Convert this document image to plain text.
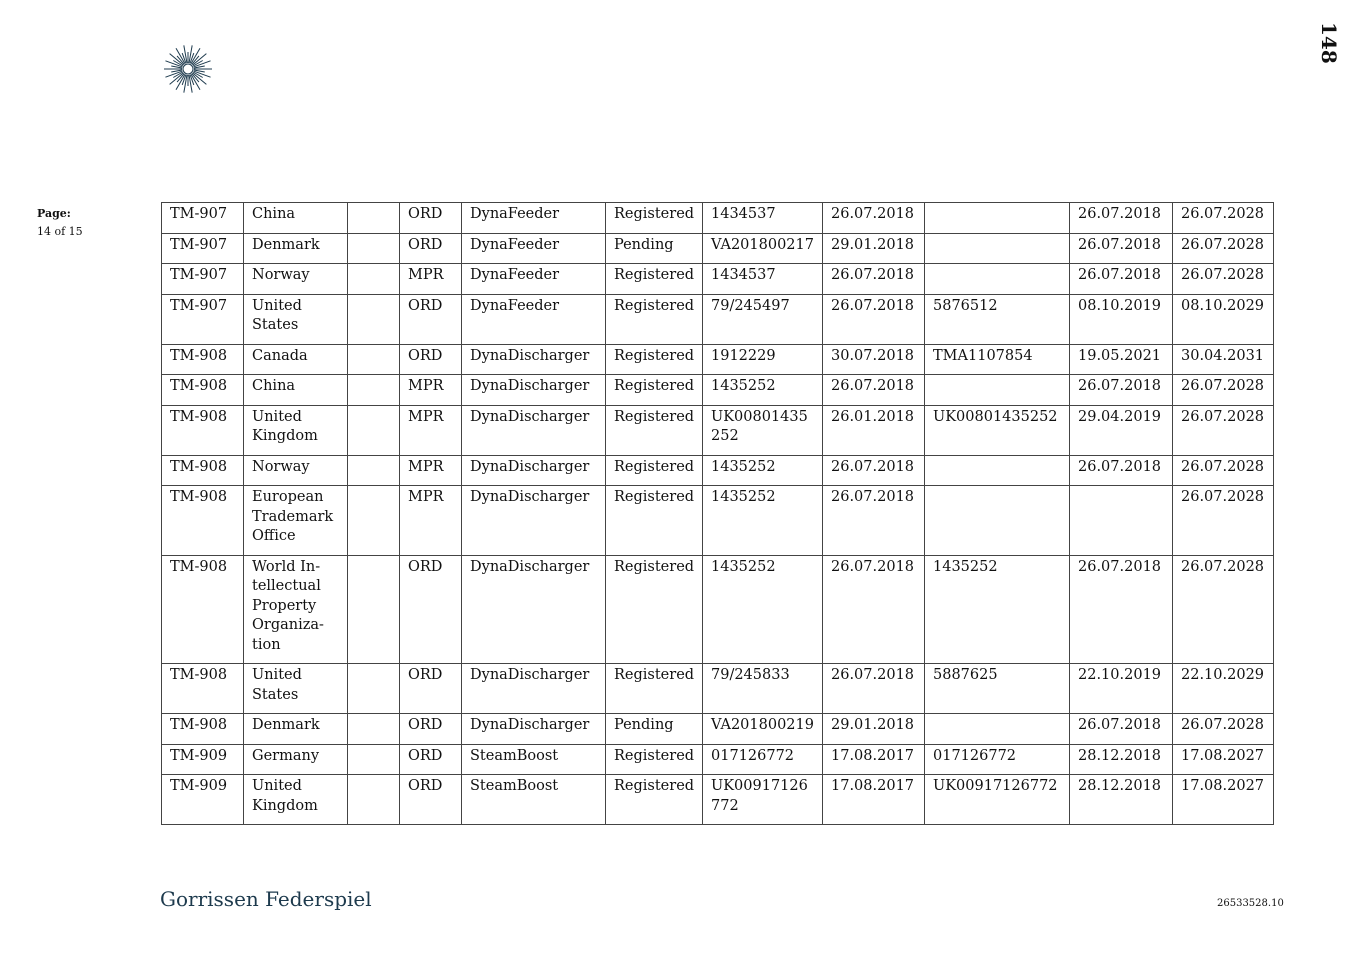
148
Page:
14 of 15
TM-907	China		ORD	DynaFeeder	Registered	1434537	26.07.2018		26.07.2018	26.07.2028
TM-907	Denmark		ORD	DynaFeeder	Pending	VA201800217	29.01.2018		26.07.2018	26.07.2028
TM-907	Norway		MPR	DynaFeeder	Registered	1434537	26.07.2018		26.07.2018	26.07.2028
TM-907	United States		ORD	DynaFeeder	Registered	79/245497	26.07.2018	5876512	08.10.2019	08.10.2029
TM-908	Canada		ORD	DynaDischarger	Registered	1912229	30.07.2018	TMA1107854	19.05.2021	30.04.2031
TM-908	China		MPR	DynaDischarger	Registered	1435252	26.07.2018		26.07.2018	26.07.2028
TM-908	United Kingdom		MPR	DynaDischarger	Registered	UK00801435252	26.01.2018	UK00801435252	29.04.2019	26.07.2028
TM-908	Norway		MPR	DynaDischarger	Registered	1435252	26.07.2018		26.07.2018	26.07.2028
TM-908	European Trademark Office		MPR	DynaDischarger	Registered	1435252	26.07.2018			26.07.2028
TM-908	World Intellectual Property Organization		ORD	DynaDischarger	Registered	1435252	26.07.2018	1435252	26.07.2018	26.07.2028
TM-908	United States		ORD	DynaDischarger	Registered	79/245833	26.07.2018	5887625	22.10.2019	22.10.2029
TM-908	Denmark		ORD	DynaDischarger	Pending	VA201800219	29.01.2018		26.07.2018	26.07.2028
TM-909	Germany		ORD	SteamBoost	Registered	017126772	17.08.2017	017126772	28.12.2018	17.08.2027
TM-909	United Kingdom		ORD	SteamBoost	Registered	UK00917126772	17.08.2017	UK00917126772	28.12.2018	17.08.2027
Gorrissen Federspiel	26533528.10
